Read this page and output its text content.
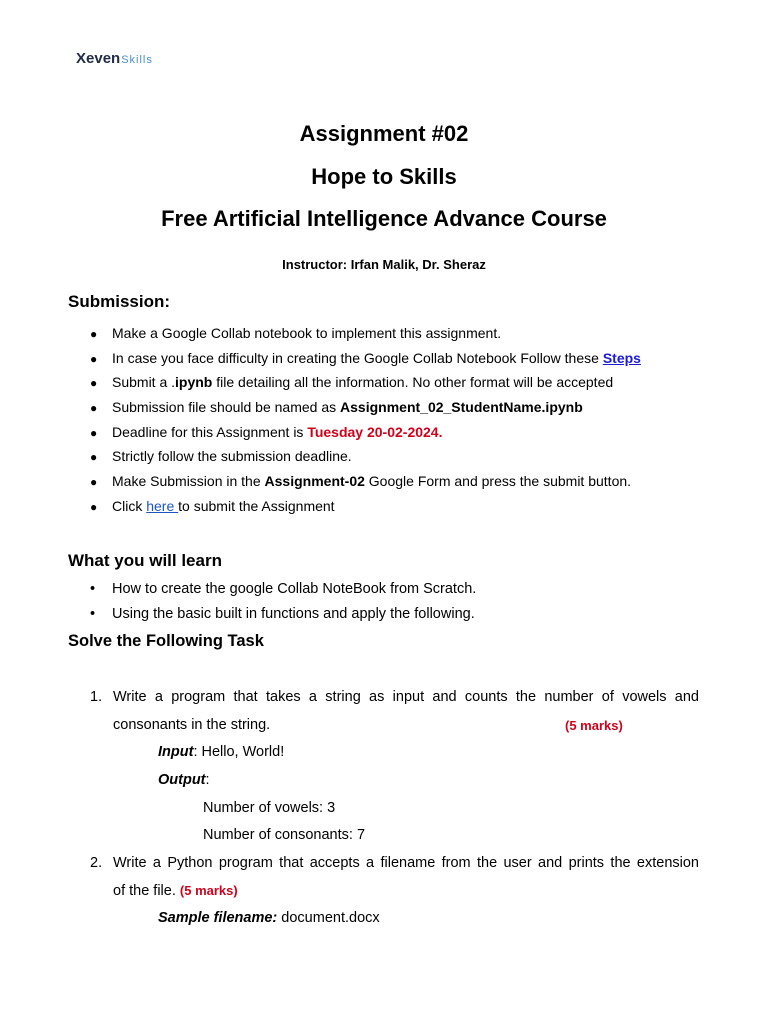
XevenSkills
Assignment #02
Hope to Skills
Free Artificial Intelligence Advance Course
Instructor: Irfan Malik, Dr. Sheraz
Submission:
● Make a Google Collab notebook to implement this assignment.
● In case you face difficulty in creating the Google Collab Notebook Follow these Steps
● Submit a .ipynb file detailing all the information. No other format will be accepted
● Submission file should be named as Assignment_02_StudentName.ipynb
● Deadline for this Assignment is Tuesday 20-02-2024.
● Strictly follow the submission deadline.
● Make Submission in the Assignment-02 Google Form and press the submit button.
● Click here to submit the Assignment
What you will learn
• How to create the google Collab NoteBook from Scratch.
• Using the basic built in functions and apply the following.
Solve the Following Task
1. Write a program that takes a string as input and counts the number of vowels and
consonants in the string.	(5 marks)
Input: Hello, World!
Output:
Number of vowels: 3
Number of consonants: 7
2. Write a Python program that accepts a filename from the user and prints the extension
of the file. (5 marks)
Sample filename: document.docx
